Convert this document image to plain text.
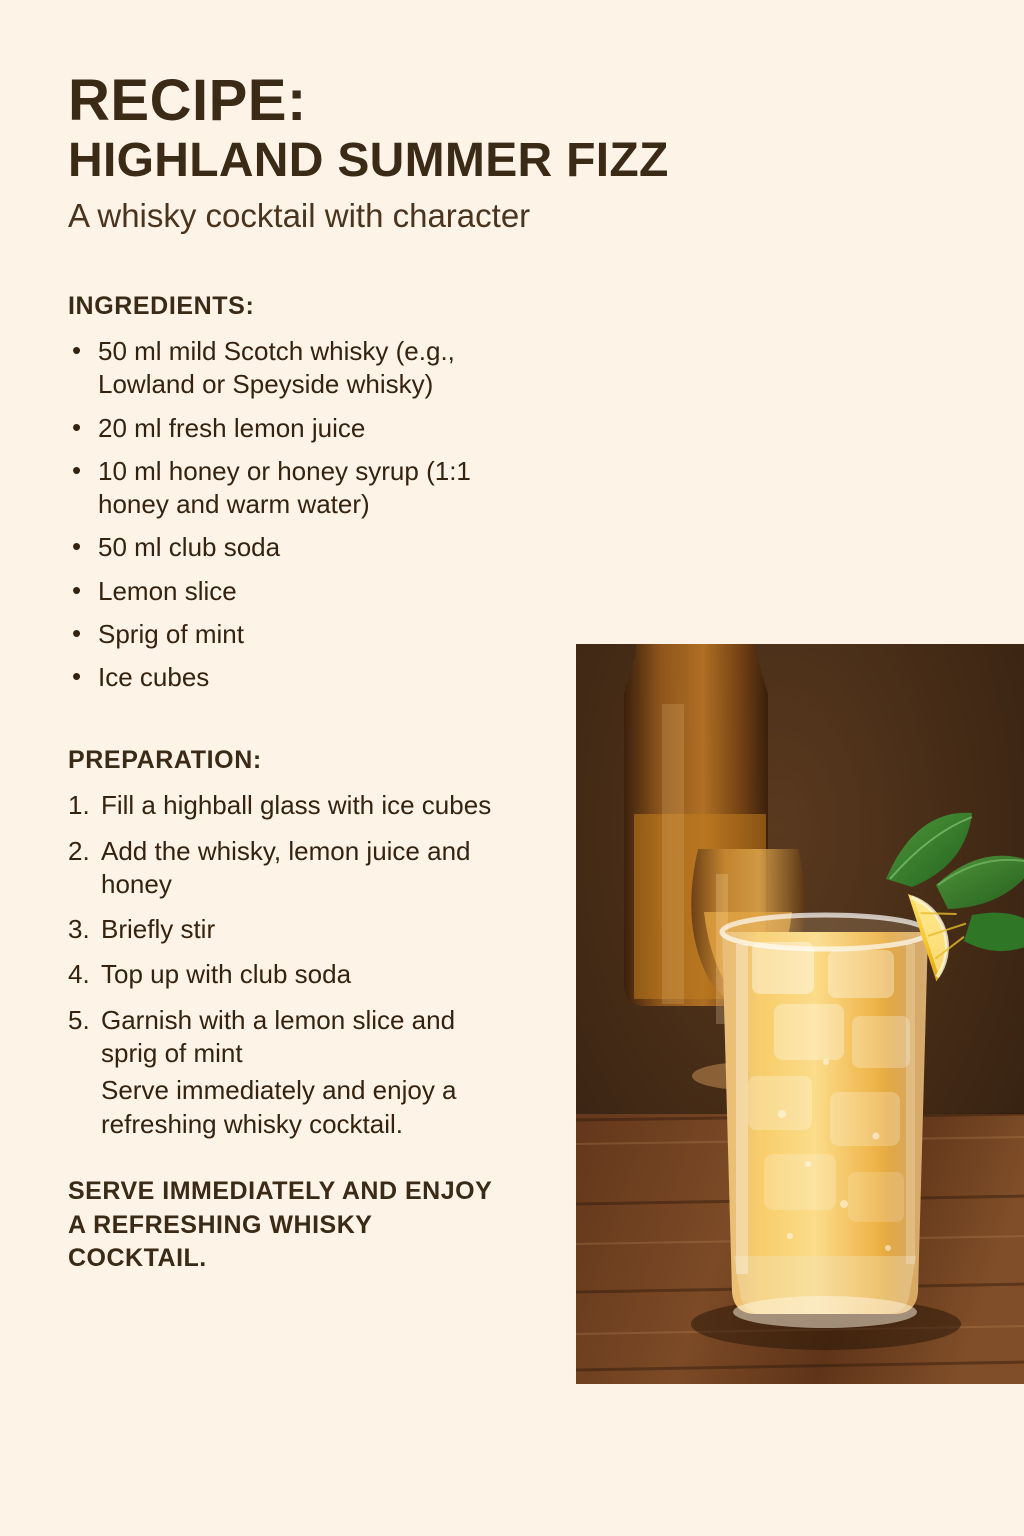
RECIPE:
HIGHLAND SUMMER FIZZ

A whisky cocktail with character

INGREDIENTS:
• 50 ml mild Scotch whisky (e.g., Lowland or Speyside whisky)
• 20 ml fresh lemon juice
• 10 ml honey or honey syrup (1:1 honey and warm water)
• 50 ml club soda
• Lemon slice
• Sprig of mint
• Ice cubes
PREPARATION:
Fill a highball glass with ice cubes
Add the whisky, lemon juice and honey
Briefly stir
Top up with club soda
Garnish with a lemon slice and sprig of mint
Serve immediately and enjoy a refreshing whisky cocktail.
SERVE IMMEDIATELY AND ENJOY
A REFRESHING WHISKY COCKTAIL.
